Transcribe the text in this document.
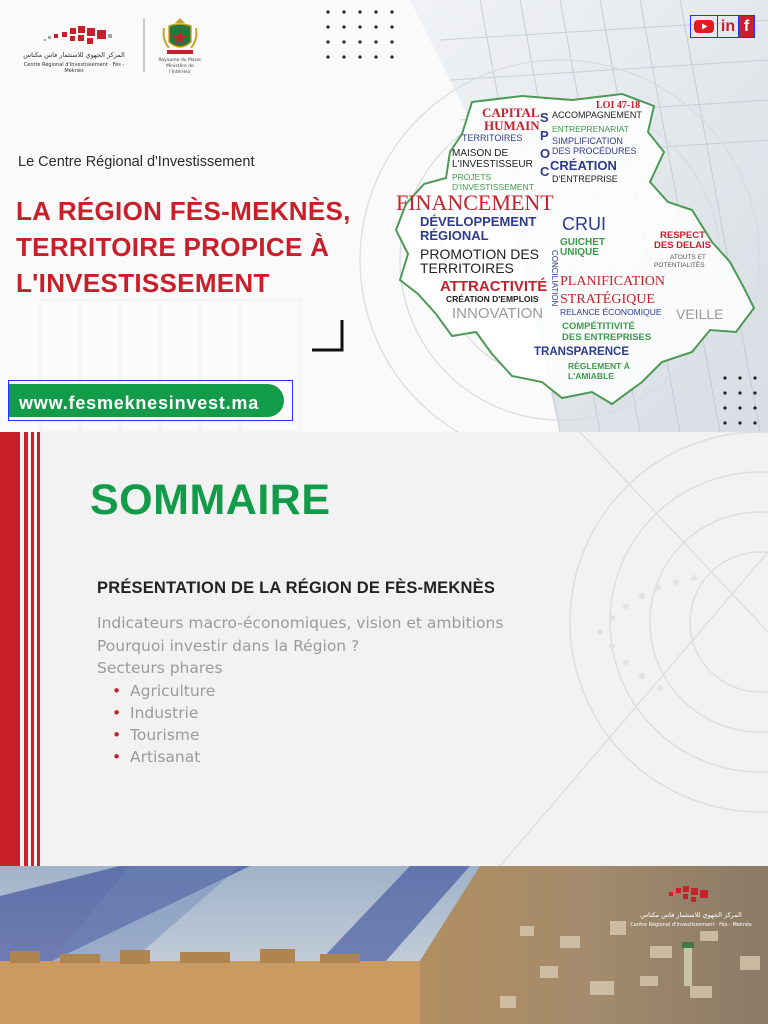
المركز الجهوي للاستثمار فاس مكناس
Centre Régional d'Investissement · Fès - Meknès
Royaume du Maroc
Ministère de l'Intérieur
in f
Le Centre Régional d'Investissement
LA RÉGION FÈS-MEKNÈS,
TERRITOIRE PROPICE À
L'INVESTISSEMENT
www.fesmeknesinvest.ma
CAPITAL
HUMAIN
ACCOMPAGNEMENT
LOI 47-18
ENTREPRENARIAT
TERRITOIRES	SIMPLIFICATION
DES PROCÉDURES
MAISON DE
L'INVESTISSEUR CRÉATION
D'ENTREPRISE
PROJETS
D'INVESTISSEMENT
S
P
O
C
FINANCEMENT
DÉVELOPPEMENT
RÉGIONAL
CRUI
GUICHET
UNIQUE
RESPECT
DES DELAIS
ATOUTS ET
POTENTIALITÉS
PROMOTION DES
TERRITOIRES	CONCILIATION
ATTRACTIVITÉ PLANIFICATION
STRATÉGIQUE
CRÉATION D'EMPLOIS
RELANCE ÉCONOMIQUE
INNOVATION	VEILLE
COMPÉTITIVITÉ
DES ENTREPRISES
TRANSPARENCE
RÈGLEMENT À
L'AMIABLE
SOMMAIRE
PRÉSENTATION DE LA RÉGION DE FÈS-MEKNÈS
Indicateurs macro-économiques, vision et ambitions
Pourquoi investir dans la Région ?
Secteurs phares
• Agriculture
• Industrie
• Tourisme
• Artisanat
المركز الجهوي للاستثمار فاس مكناس
Centre Régional d'Investissement · Fès - Meknès
